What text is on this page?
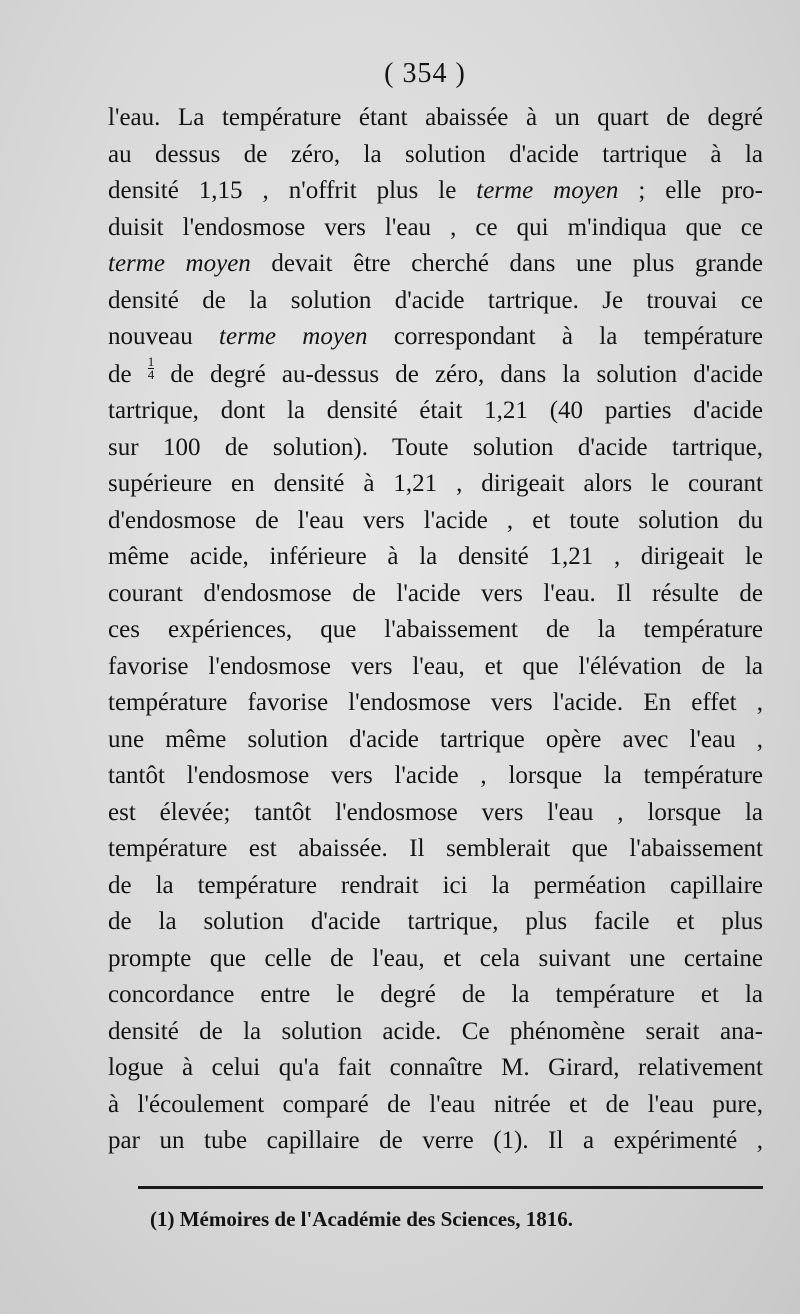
( 354 )
l'eau. La température étant abaissée à un quart de degré
au dessus de zéro, la solution d'acide tartrique à la
densité 1,15 , n'offrit plus le terme moyen ; elle pro-
duisit l'endosmose vers l'eau , ce qui m'indiqua que ce
terme moyen devait être cherché dans une plus grande
densité de la solution d'acide tartrique. Je trouvai ce
nouveau terme moyen correspondant à la température
de $\frac{1}{4}$ de degré au-dessus de zéro, dans la solution d'acide
tartrique, dont la densité était 1,21 (40 parties d'acide
sur 100 de solution). Toute solution d'acide tartrique,
supérieure en densité à 1,21 , dirigeait alors le courant
d'endosmose de l'eau vers l'acide , et toute solution du
même acide, inférieure à la densité 1,21 , dirigeait le
courant d'endosmose de l'acide vers l'eau. Il résulte de
ces expériences, que l'abaissement de la température
favorise l'endosmose vers l'eau, et que l'élévation de la
température favorise l'endosmose vers l'acide. En effet ,
une même solution d'acide tartrique opère avec l'eau ,
tantôt l'endosmose vers l'acide , lorsque la température
est élevée; tantôt l'endosmose vers l'eau , lorsque la
température est abaissée. Il semblerait que l'abaissement
de la température rendrait ici la perméation capillaire
de la solution d'acide tartrique, plus facile et plus
prompte que celle de l'eau, et cela suivant une certaine
concordance entre le degré de la température et la
densité de la solution acide. Ce phénomène serait ana-
logue à celui qu'a fait connaître M. Girard, relativement
à l'écoulement comparé de l'eau nitrée et de l'eau pure,
par un tube capillaire de verre (1). Il a expérimenté ,
(1) Mémoires de l'Académie des Sciences, 1816.
